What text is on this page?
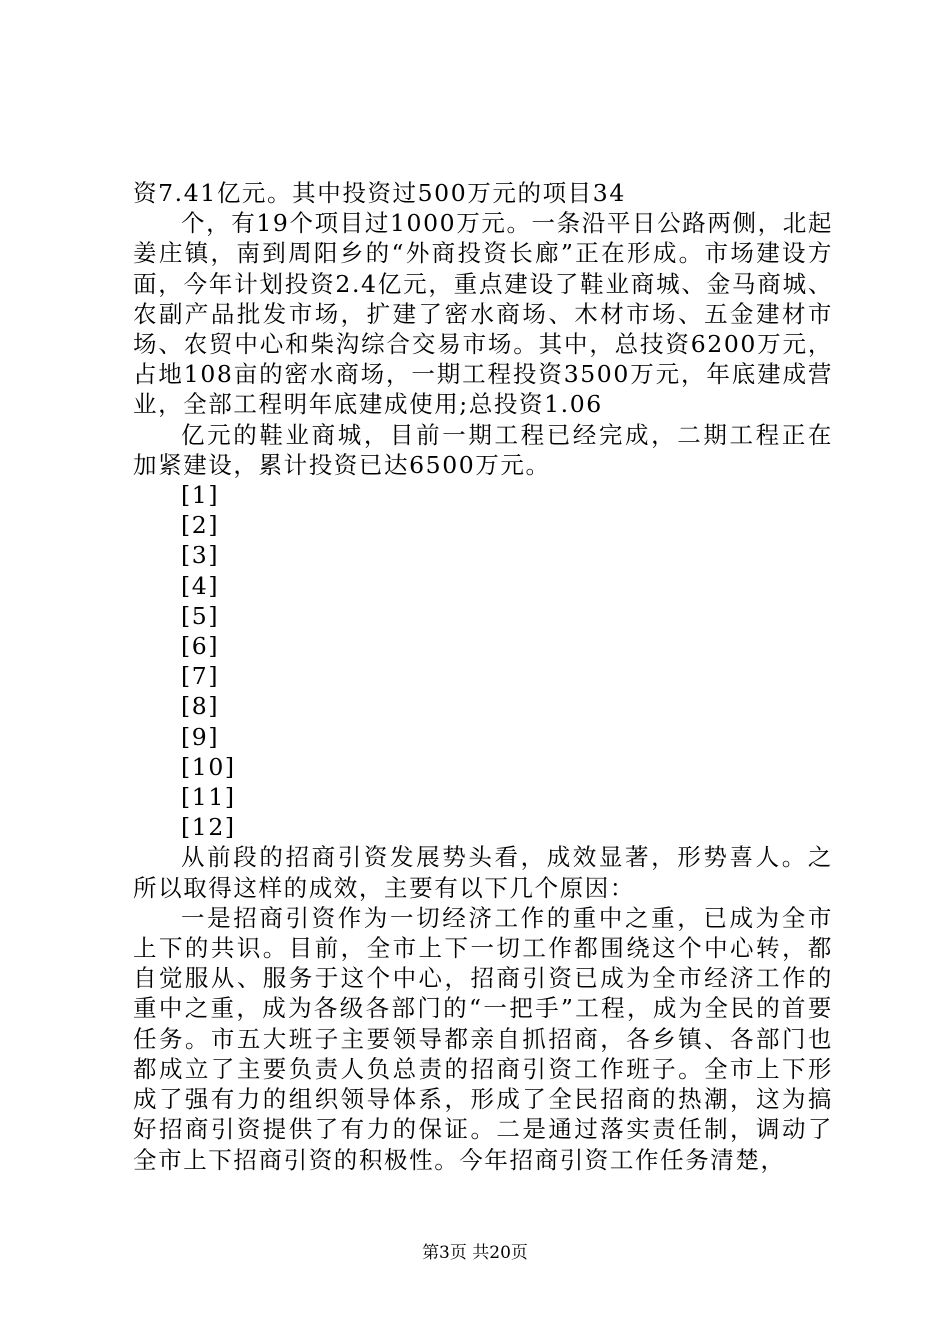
资7.41亿元。其中投资过500万元的项目34

个，有19个项目过1000万元。一条沿平日公路两侧，北起姜庄镇，南到周阳乡的“外商投资长廊”正在形成。市场建设方面，今年计划投资2.4亿元，重点建设了鞋业商城、金马商城、农副产品批发市场，扩建了密水商场、木材市场、五金建材市场、农贸中心和柴沟综合交易市场。其中，总技资6200万元，占地108亩的密水商场，一期工程投资3500万元，年底建成营业，全部工程明年底建成使用;总投资1.06

亿元的鞋业商城，目前一期工程已经完成，二期工程正在加紧建设，累计投资已达6500万元。

[1]

[2]

[3]

[4]

[5]

[6]

[7]

[8]

[9]

[10]

[11]

[12]

从前段的招商引资发展势头看，成效显著，形势喜人。之所以取得这样的成效，主要有以下几个原因：

一是招商引资作为一切经济工作的重中之重，已成为全市上下的共识。目前，全市上下一切工作都围绕这个中心转，都自觉服从、服务于这个中心，招商引资已成为全市经济工作的重中之重，成为各级各部门的“一把手”工程，成为全民的首要任务。市五大班子主要领导都亲自抓招商，各乡镇、各部门也都成立了主要负责人负总责的招商引资工作班子。全市上下形成了强有力的组织领导体系，形成了全民招商的热潮，这为搞好招商引资提供了有力的保证。二是通过落实责任制，调动了全市上下招商引资的积极性。今年招商引资工作任务清楚，

第3页 共20页
